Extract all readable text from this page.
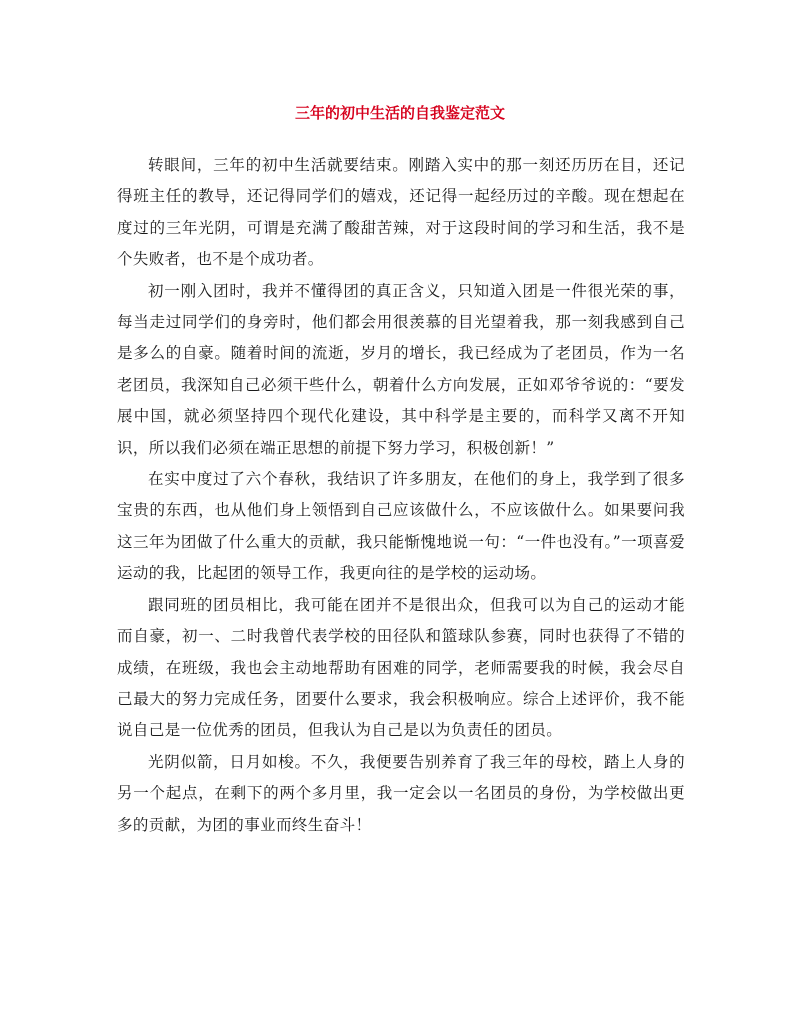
三年的初中生活的自我鉴定范文

转眼间，三年的初中生活就要结束。刚踏入实中的那一刻还历历在目，还记得班主任的教导，还记得同学们的嬉戏，还记得一起经历过的辛酸。现在想起在度过的三年光阴，可谓是充满了酸甜苦辣，对于这段时间的学习和生活，我不是个失败者，也不是个成功者。

初一刚入团时，我并不懂得团的真正含义，只知道入团是一件很光荣的事，每当走过同学们的身旁时，他们都会用很羡慕的目光望着我，那一刻我感到自己是多么的自豪。随着时间的流逝，岁月的增长，我已经成为了老团员，作为一名老团员，我深知自己必须干些什么，朝着什么方向发展，正如邓爷爷说的：“要发展中国，就必须坚持四个现代化建设，其中科学是主要的，而科学又离不开知识，所以我们必须在端正思想的前提下努力学习，积极创新！”

在实中度过了六个春秋，我结识了许多朋友，在他们的身上，我学到了很多宝贵的东西，也从他们身上领悟到自己应该做什么，不应该做什么。如果要问我这三年为团做了什么重大的贡献，我只能惭愧地说一句：“一件也没有。”一项喜爱运动的我，比起团的领导工作，我更向往的是学校的运动场。

跟同班的团员相比，我可能在团并不是很出众，但我可以为自己的运动才能而自豪，初一、二时我曾代表学校的田径队和篮球队参赛，同时也获得了不错的成绩，在班级，我也会主动地帮助有困难的同学，老师需要我的时候，我会尽自己最大的努力完成任务，团要什么要求，我会积极响应。综合上述评价，我不能说自己是一位优秀的团员，但我认为自己是以为负责任的团员。

光阴似箭，日月如梭。不久，我便要告别养育了我三年的母校，踏上人身的另一个起点，在剩下的两个多月里，我一定会以一名团员的身份，为学校做出更多的贡献，为团的事业而终生奋斗！
